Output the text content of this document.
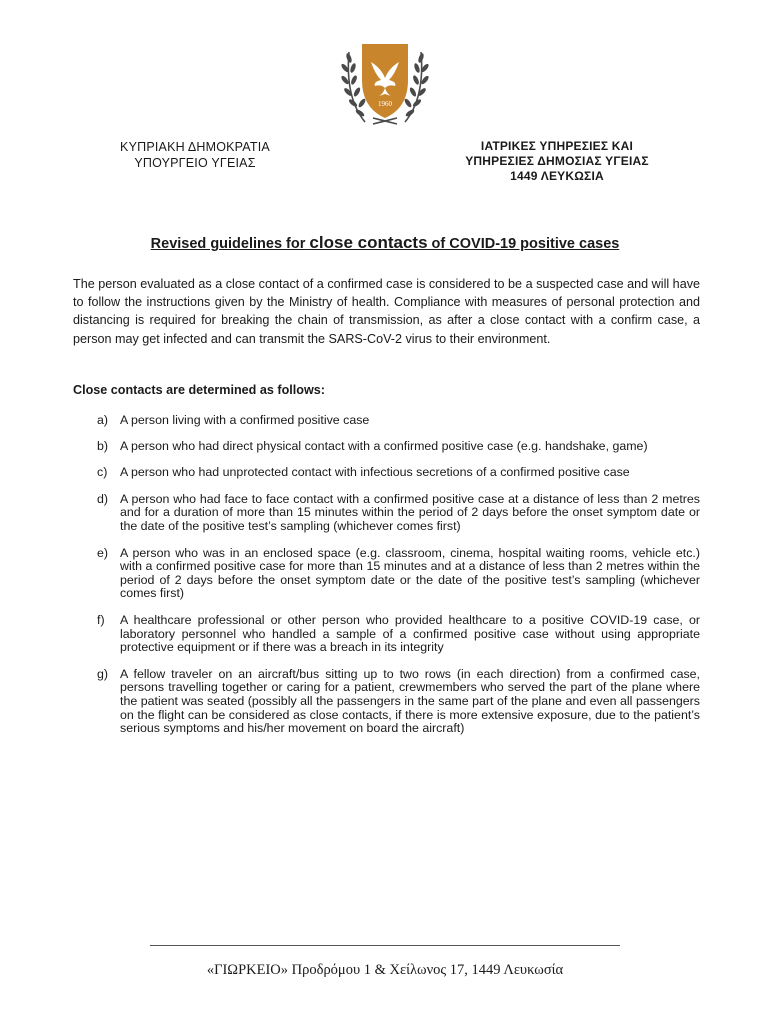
1960
ΚΥΠΡΙΑΚΗ ΔΗΜΟΚΡΑΤΙΑ
ΥΠΟΥΡΓΕΙΟ ΥΓΕΙΑΣ
ΙΑΤΡΙΚΕΣ ΥΠΗΡΕΣΙΕΣ ΚΑΙ
ΥΠΗΡΕΣΙΕΣ ΔΗΜΟΣΙΑΣ ΥΓΕΙΑΣ
1449 ΛΕΥΚΩΣΙΑ
Revised guidelines for close contacts of COVID-19 positive cases
The person evaluated as a close contact of a confirmed case is considered to be a suspected case and will have to follow the instructions given by the Ministry of health. Compliance with measures of personal protection and distancing is required for breaking the chain of transmission, as after a close contact with a confirm case, a person may get infected and can transmit the SARS-CoV-2 virus to their environment.
Close contacts are determined as follows:
a) A person living with a confirmed positive case
b) A person who had direct physical contact with a confirmed positive case (e.g. handshake, game)
c) A person who had unprotected contact with infectious secretions of a confirmed positive case
d) A person who had face to face contact with a confirmed positive case at a distance of less than 2 metres and for a duration of more than 15 minutes within the period of 2 days before the onset symptom date or the date of the positive test’s sampling (whichever comes first)
e) A person who was in an enclosed space (e.g. classroom, cinema, hospital waiting rooms, vehicle etc.) with a confirmed positive case for more than 15 minutes and at a distance of less than 2 metres within the period of 2 days before the onset symptom date or the date of the positive test’s sampling (whichever comes first)
f) A healthcare professional or other person who provided healthcare to a positive COVID-19 case, or laboratory personnel who handled a sample of a confirmed positive case without using appropriate protective equipment or if there was a breach in its integrity
g) A fellow traveler on an aircraft/bus sitting up to two rows (in each direction) from a confirmed case, persons travelling together or caring for a patient, crewmembers who served the part of the plane where the patient was seated (possibly all the passengers in the same part of the plane and even all passengers on the flight can be considered as close contacts, if there is more extensive exposure, due to the patient’s serious symptoms and his/her movement on board the aircraft)
«ΓΙΩΡΚΕΙΟ» Προδρόμου 1 & Χείλωνος 17, 1449 Λευκωσία
